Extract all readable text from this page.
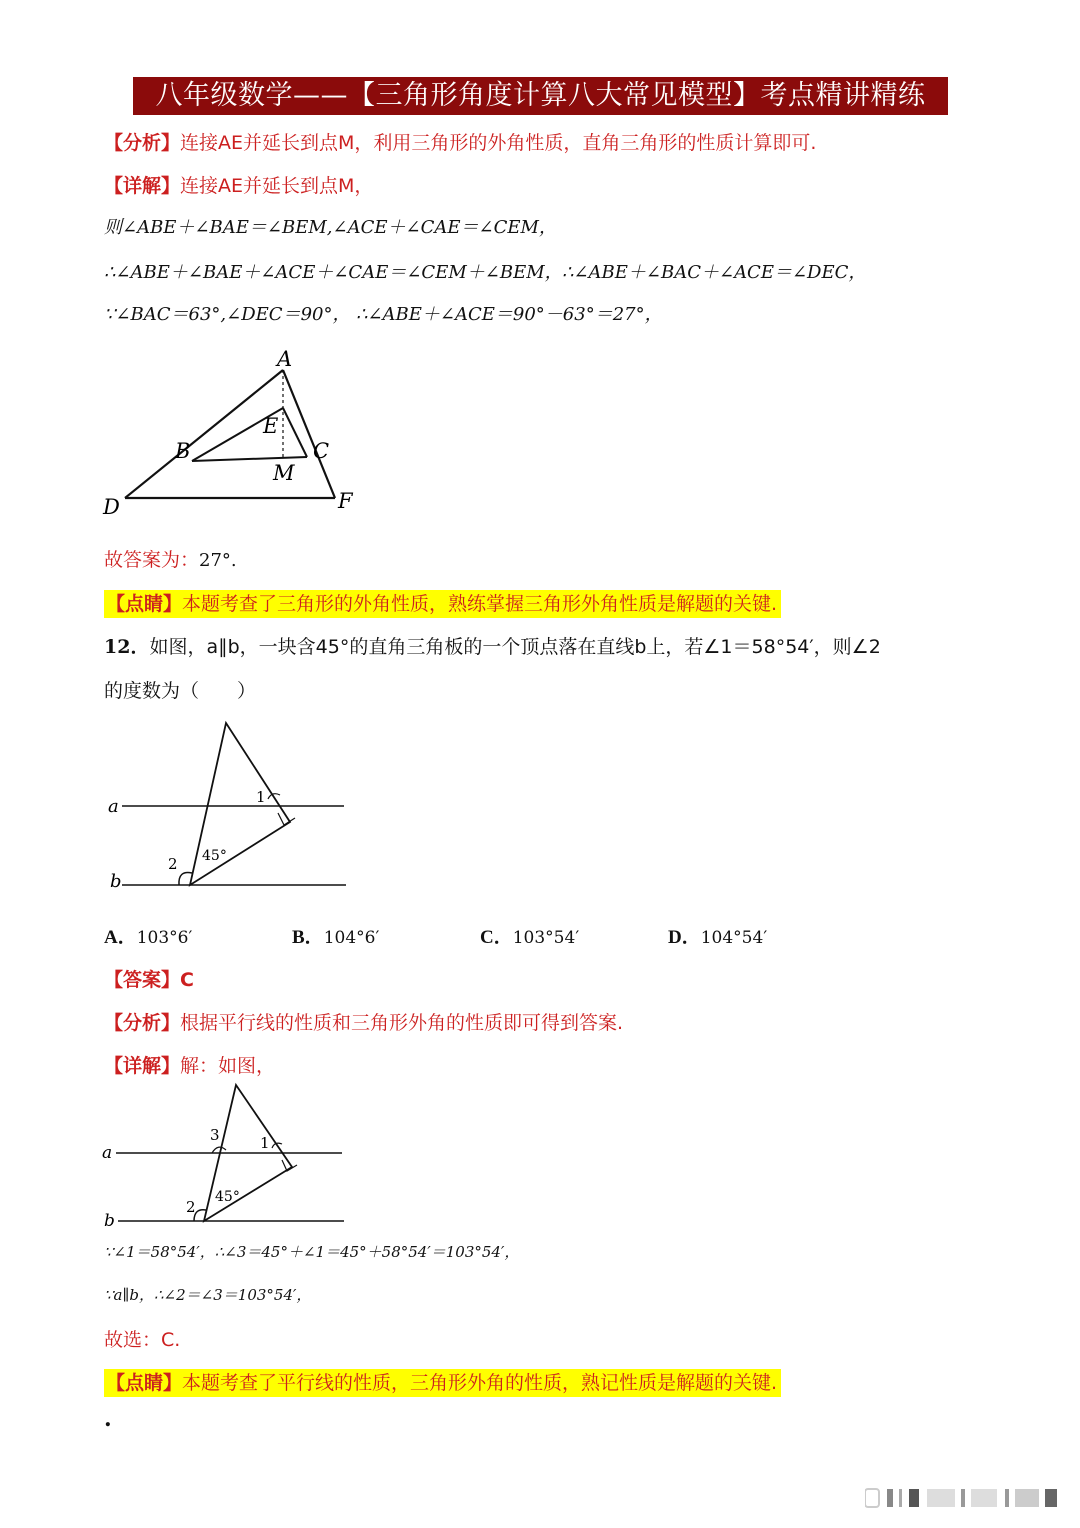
八年级数学——【三角形角度计算八大常见模型】考点精讲精练
【分析】连接AE并延长到点M，利用三角形的外角性质，直角三角形的性质计算即可.
【详解】连接AE并延长到点M，
则∠ABE＋∠BAE＝∠BEM,∠ACE＋∠CAE＝∠CEM，
∴∠ABE＋∠BAE＋∠ACE＋∠CAE＝∠CEM＋∠BEM， ∴∠ABE＋∠BAC＋∠ACE＝∠DEC，
∵∠BAC＝63°,∠DEC＝90°， ∴∠ABE＋∠ACE＝90°－63°＝27°，
A
B	C
D
E
F
M
故答案为：27°.
【点睛】本题考查了三角形的外角性质，熟练掌握三角形外角性质是解题的关键.
12．如图，a∥b，一块含45°的直角三角板的一个顶点落在直线b上，若∠1＝58°54′，则∠2
的度数为（　　）
a
b
1
2 45°
A．103°6′	B．104°6′	C．103°54′	D．104°54′
【答案】C
【分析】根据平行线的性质和三角形外角的性质即可得到答案.
【详解】解：如图，
a
b
1
2
3
45°
∵∠1＝58°54′，∴∠3＝45°＋∠1＝45°＋58°54′＝103°54′，
∵a∥b，∴∠2＝∠3＝103°54′，
故选：C.
【点睛】本题考查了平行线的性质，三角形外角的性质，熟记性质是解题的关键.
.
